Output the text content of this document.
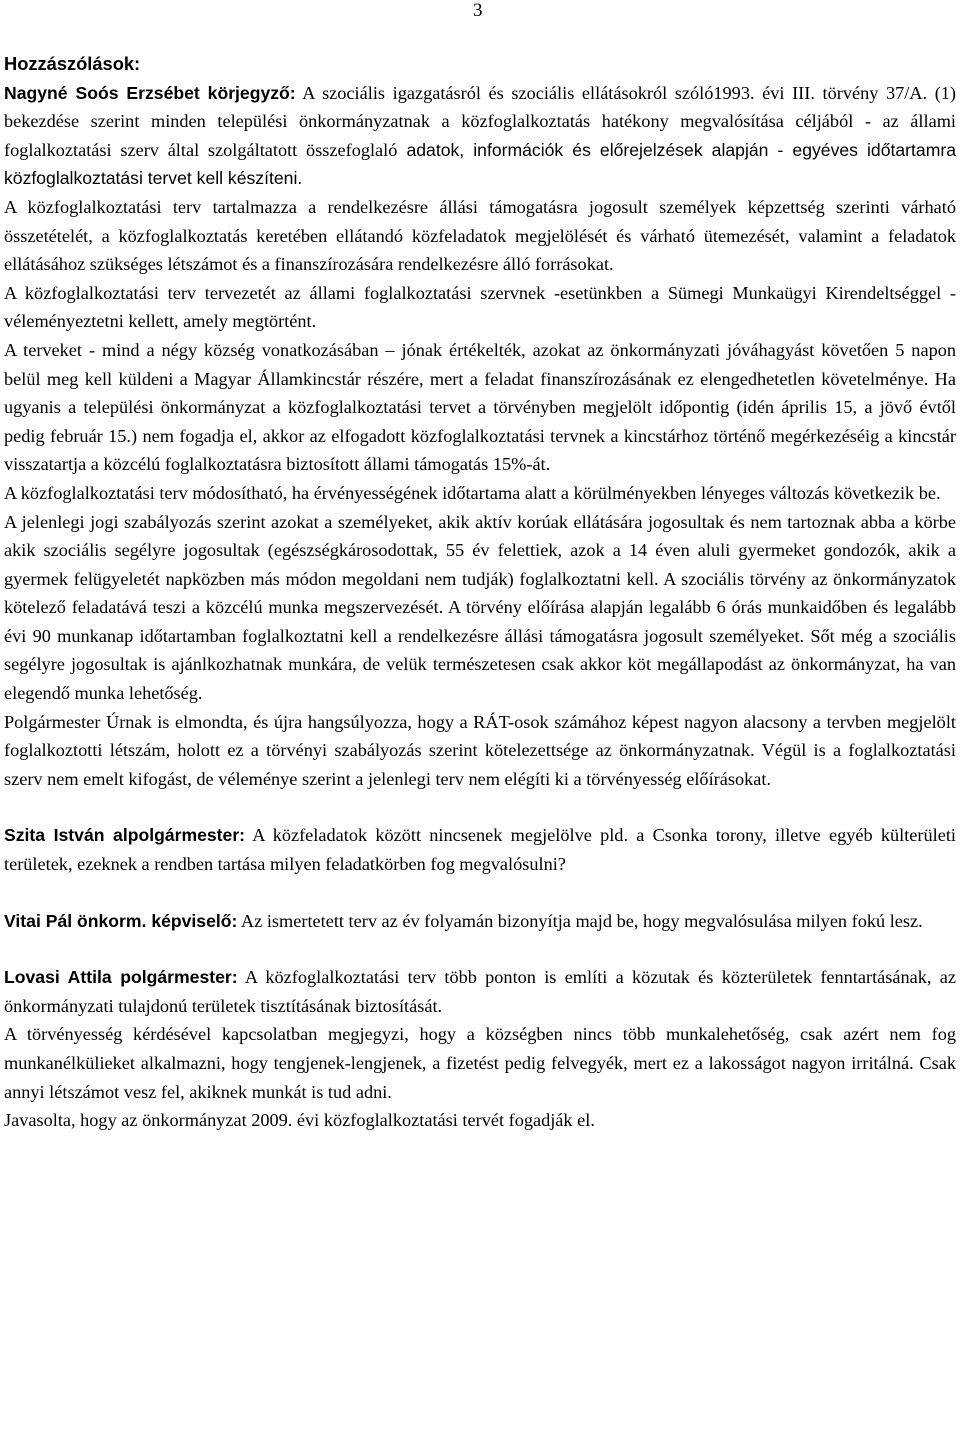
3

Hozzászólások:

Nagyné Soós Erzsébet körjegyző: A szociális igazgatásról és szociális ellátásokról szóló1993. évi III. törvény 37/A. (1) bekezdése szerint minden települési önkormányzatnak a közfoglalkoztatás hatékony megvalósítása céljából - az állami foglalkoztatási szerv által szolgáltatott összefoglaló adatok, információk és előrejelzések alapján - egyéves időtartamra közfoglalkoztatási tervet kell készíteni.

A közfoglalkoztatási terv tartalmazza a rendelkezésre állási támogatásra jogosult személyek képzettség szerinti várható összetételét, a közfoglalkoztatás keretében ellátandó közfeladatok megjelölését és várható ütemezését, valamint a feladatok ellátásához szükséges létszámot és a finanszírozására rendelkezésre álló forrásokat.

A közfoglalkoztatási terv tervezetét az állami foglalkoztatási szervnek -esetünkben a Sümegi Munkaügyi Kirendeltséggel - véleményeztetni kellett, amely megtörtént.

A terveket - mind a négy község vonatkozásában – jónak értékelték, azokat az önkormányzati jóváhagyást követően 5 napon belül meg kell küldeni a Magyar Államkincstár részére, mert a feladat finanszírozásának ez elengedhetetlen követelménye. Ha ugyanis a települési önkormányzat a közfoglalkoztatási tervet a törvényben megjelölt időpontig (idén április 15, a jövő évtől pedig február 15.) nem fogadja el, akkor az elfogadott közfoglalkoztatási tervnek a kincstárhoz történő megérkezéséig a kincstár visszatartja a közcélú foglalkoztatásra biztosított állami támogatás 15%-át.

A közfoglalkoztatási terv módosítható, ha érvényességének időtartama alatt a körülményekben lényeges változás következik be.

A jelenlegi jogi szabályozás szerint azokat a személyeket, akik aktív korúak ellátására jogosultak és nem tartoznak abba a körbe akik szociális segélyre jogosultak (egészségkárosodottak, 55 év felettiek, azok a 14 éven aluli gyermeket gondozók, akik a gyermek felügyeletét napközben más módon megoldani nem tudják) foglalkoztatni kell. A szociális törvény az önkormányzatok kötelező feladatává teszi a közcélú munka megszervezését. A törvény előírása alapján legalább 6 órás munkaidőben és legalább évi 90 munkanap időtartamban foglalkoztatni kell a rendelkezésre állási támogatásra jogosult személyeket. Sőt még a szociális segélyre jogosultak is ajánlkozhatnak munkára, de velük természetesen csak akkor köt megállapodást az önkormányzat, ha van elegendő munka lehetőség.

Polgármester Úrnak is elmondta, és újra hangsúlyozza, hogy a RÁT-osok számához képest nagyon alacsony a tervben megjelölt foglalkoztotti létszám, holott ez a törvényi szabályozás szerint kötelezettsége az önkormányzatnak. Végül is a foglalkoztatási szerv nem emelt kifogást, de véleménye szerint a jelenlegi terv nem elégíti ki a törvényesség előírásokat.

Szita István alpolgármester: A közfeladatok között nincsenek megjelölve pld. a Csonka torony, illetve egyéb külterületi területek, ezeknek a rendben tartása milyen feladatkörben fog megvalósulni?

Vitai Pál önkorm. képviselő: Az ismertetett terv az év folyamán bizonyítja majd be, hogy megvalósulása milyen fokú lesz.

Lovasi Attila polgármester: A közfoglalkoztatási terv több ponton is említi a közutak és közterületek fenntartásának, az önkormányzati tulajdonú területek tisztításának biztosítását.

A törvényesség kérdésével kapcsolatban megjegyzi, hogy a községben nincs több munkalehetőség, csak azért nem fog munkanélkülieket alkalmazni, hogy tengjenek-lengjenek, a fizetést pedig felvegyék, mert ez a lakosságot nagyon irritálná. Csak annyi létszámot vesz fel, akiknek munkát is tud adni.

Javasolta, hogy az önkormányzat 2009. évi közfoglalkoztatási tervét fogadják el.
